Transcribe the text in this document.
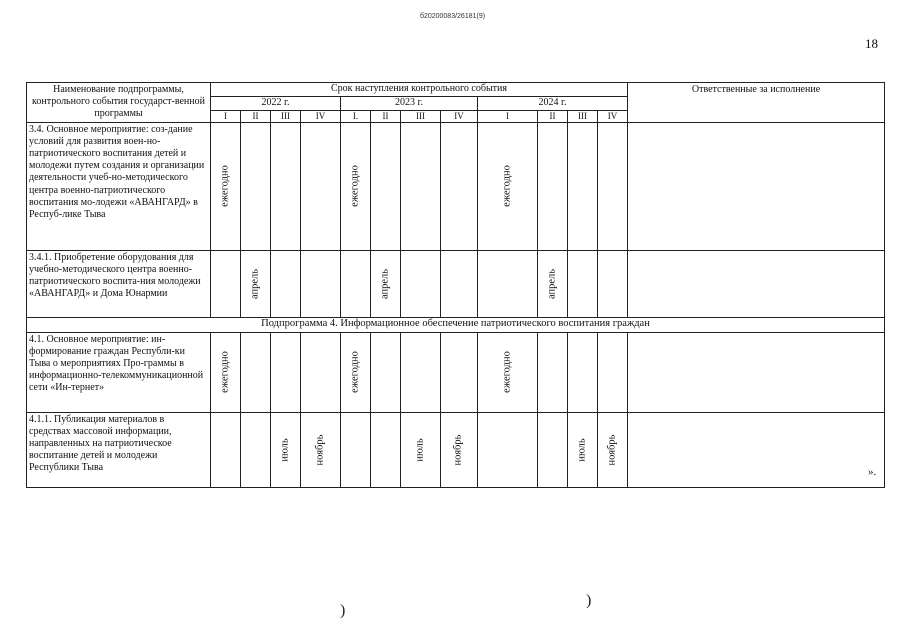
б20200083/26181(9)
18
Наименование подпрограммы, контрольного события государст-венной программы	Срок наступления контрольного события												Ответственные за исполнение
	2022 г.				2023 г.				2024 г.				
	I	II	III	IV	I.	II	III	IV	I	II	III	IV	
3.4. Основное мероприятие: соз-дание условий для развития воен-но-патриотического воспитания детей и молодежи путем создания и организации деятельности учеб-но-методического центра военно-патриотического воспитания мо-лодежи «АВАНГАРД» в Респуб-лике Тыва	ежегодно				ежегодно				ежегодно				

3.4.1. Приобретение оборудования для учебно-методического центра военно-патриотического воспита-ния молодежи «АВАНГАРД» и Дома Юнармии		апрель				апрель				апрель			

Подпрограмма 4. Информационное обеспечение патриотического воспитания граждан													
4.1. Основное мероприятие: ин-формирование граждан Республи-ки Тыва о мероприятиях Про-граммы в информационно-телекоммуникационной сети «Ин-тернет»	ежегодно				ежегодно				ежегодно				

4.1.1. Публикация материалов в средствах массовой информации, направленных на патриотическое воспитание детей и молодежи Республики Тыва			июль	ноябрь			июль	ноябрь			июль	ноябрь	

».
)
)
